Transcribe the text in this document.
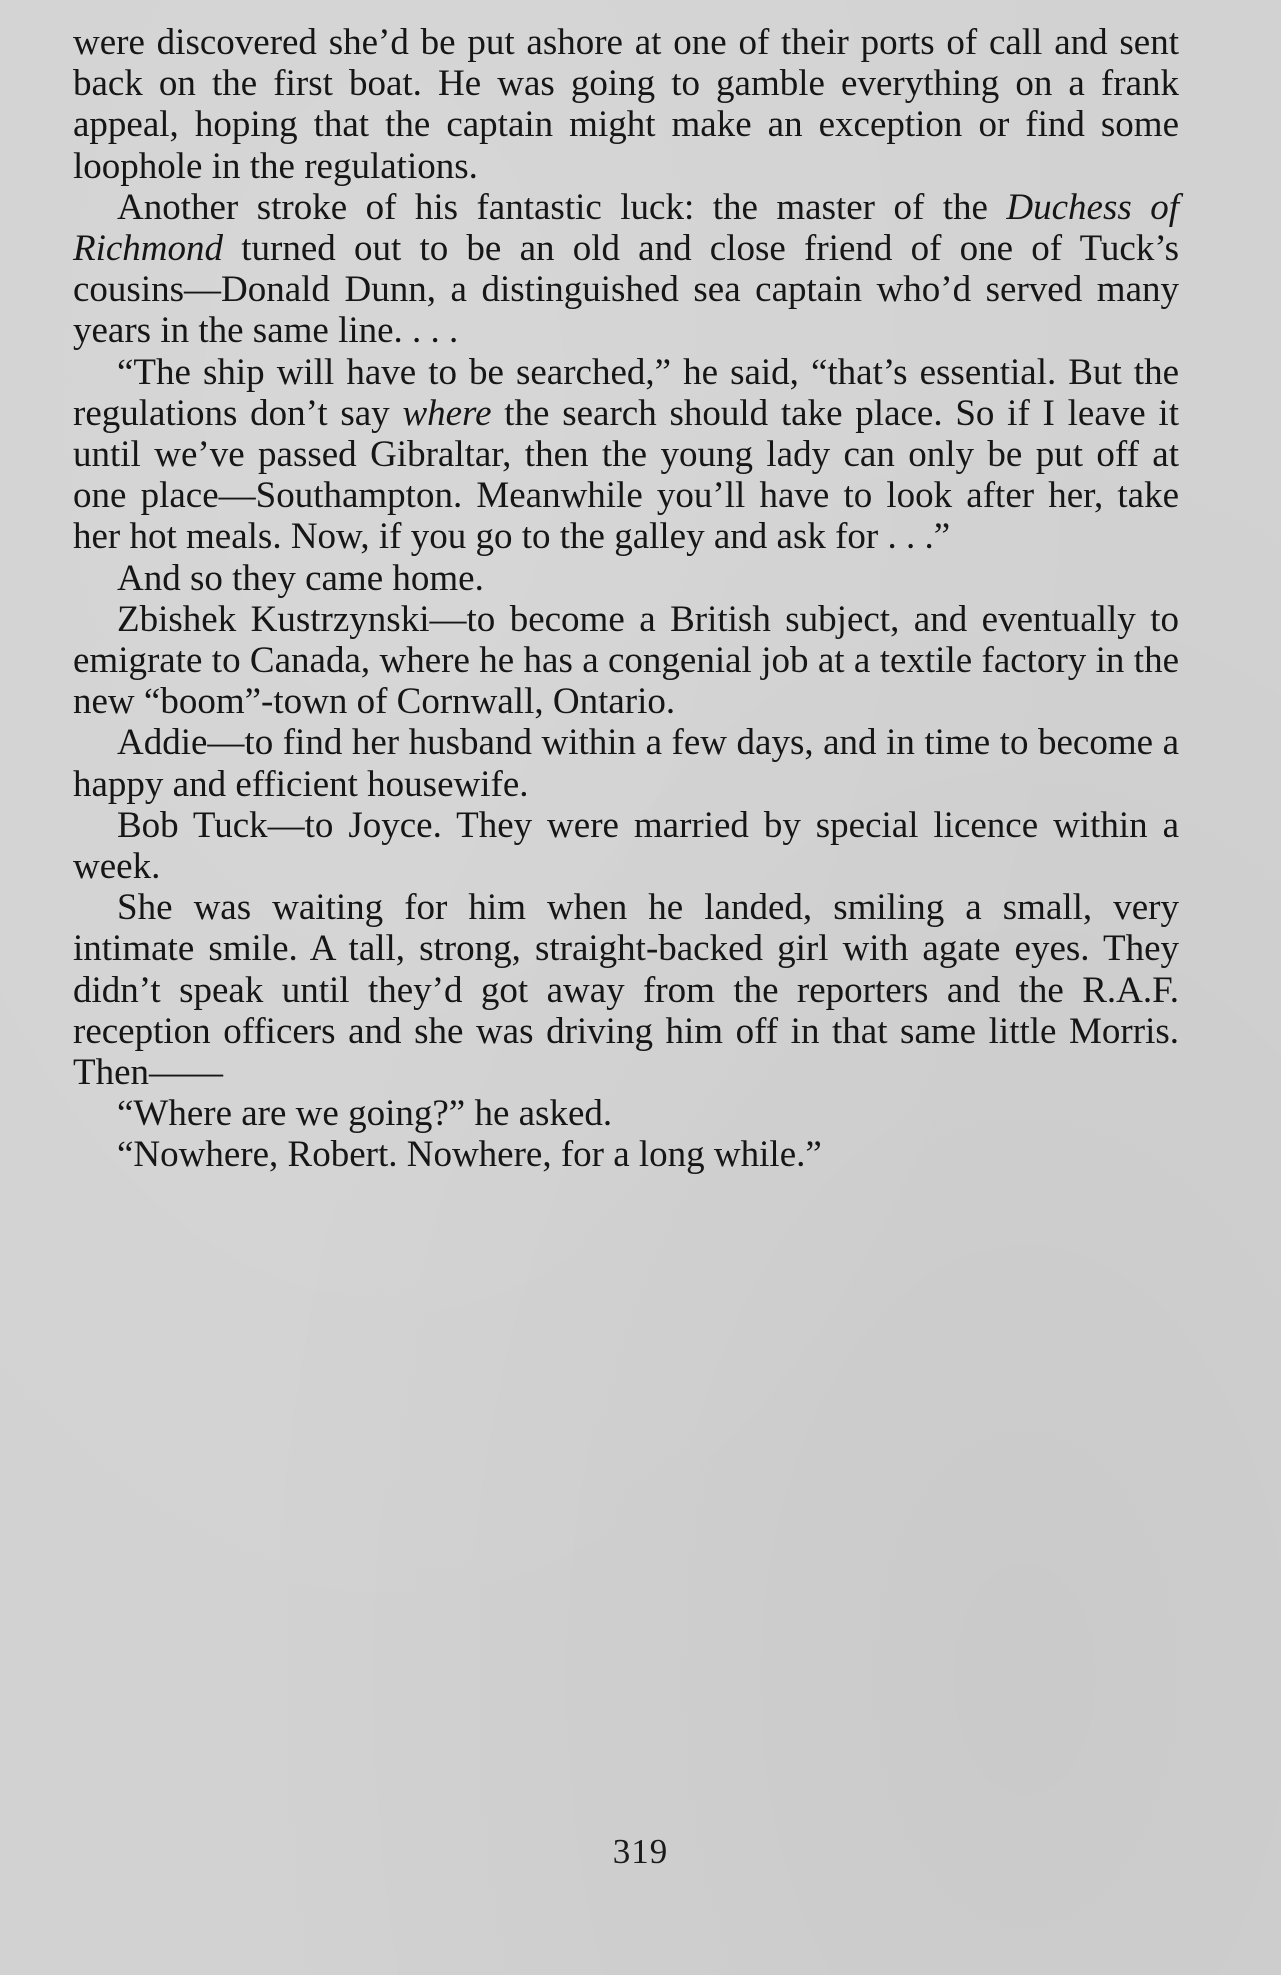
were discovered she’d be put ashore at one of their ports of call and sent back on the first boat. He was going to gamble everything on a frank appeal, hoping that the captain might make an exception or find some loophole in the regulations.

Another stroke of his fantastic luck: the master of the Duchess of Richmond turned out to be an old and close friend of one of Tuck’s cousins—Donald Dunn, a distinguished sea captain who’d served many years in the same line. . . .

“The ship will have to be searched,” he said, “that’s essential. But the regulations don’t say where the search should take place. So if I leave it until we’ve passed Gibraltar, then the young lady can only be put off at one place—Southampton. Meanwhile you’ll have to look after her, take her hot meals. Now, if you go to the galley and ask for . . .”

And so they came home.

Zbishek Kustrzynski—to become a British subject, and eventually to emigrate to Canada, where he has a congenial job at a textile factory in the new “boom”-town of Cornwall, Ontario.

Addie—to find her husband within a few days, and in time to become a happy and efficient housewife.

Bob Tuck—to Joyce. They were married by special licence within a week.

She was waiting for him when he landed, smiling a small, very intimate smile. A tall, strong, straight-backed girl with agate eyes. They didn’t speak until they’d got away from the reporters and the R.A.F. reception officers and she was driving him off in that same little Morris. Then——

“Where are we going?” he asked.

“Nowhere, Robert. Nowhere, for a long while.”

319
